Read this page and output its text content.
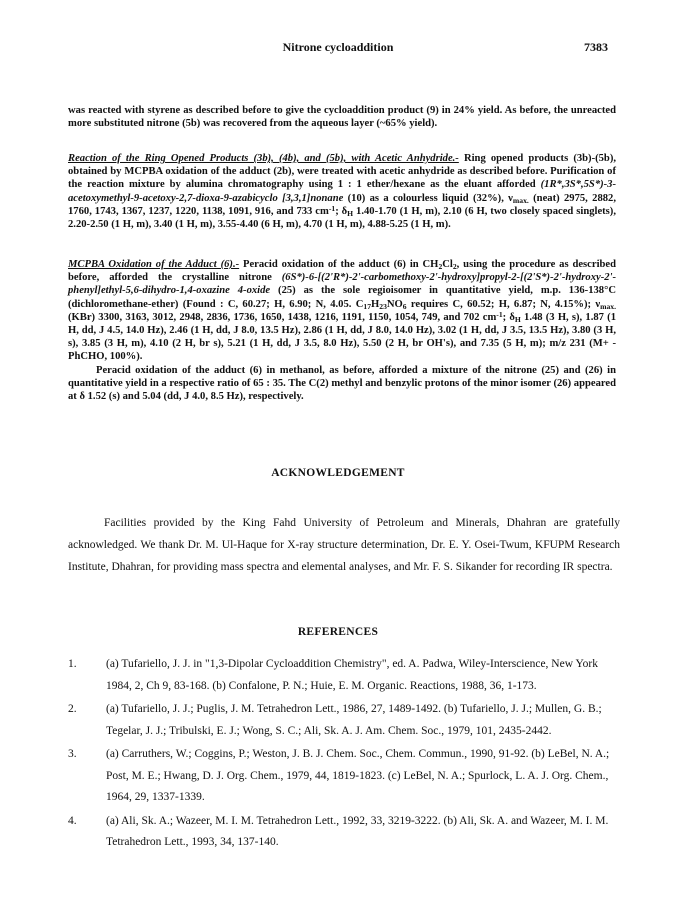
Nitrone cycloaddition	7383

was reacted with styrene as described before to give the cycloaddition product (9) in 24% yield. As before, the unreacted more substituted nitrone (5b) was recovered from the aqueous layer (~65% yield).

Reaction of the Ring Opened Products (3b), (4b), and (5b), with Acetic Anhydride.- Ring opened products (3b)-(5b), obtained by MCPBA oxidation of the adduct (2b), were treated with acetic anhydride as described before. Purification of the reaction mixture by alumina chromatography using 1 : 1 ether/hexane as the eluant afforded (1R*,3S*,5S*)-3-acetoxymethyl-9-acetoxy-2,7-dioxa-9-azabicyclo [3,3,1]nonane (10) as a colourless liquid (32%), $\nu_{max.}$ (neat) 2975, 2882, 1760, 1743, 1367, 1237, 1220, 1138, 1091, 916, and 733 $cm^{-1}$; $\delta_H$ 1.40-1.70 (1 H, m), 2.10 (6 H, two closely spaced singlets), 2.20-2.50 (1 H, m), 3.40 (1 H, m), 3.55-4.40 (6 H, m), 4.70 (1 H, m), 4.88-5.25 (1 H, m).

MCPBA Oxidation of the Adduct (6).- Peracid oxidation of the adduct (6) in $CH_2Cl_2$, using the procedure as described before, afforded the crystalline nitrone (6S*)-6-[(2'R*)-2'-carbomethoxy-2'-hydroxy]propyl-2-[(2'S*)-2'-hydroxy-2'-phenyl]ethyl-5,6-dihydro-1,4-oxazine 4-oxide (25) as the sole regioisomer in quantitative yield, m.p. 136-138°C (dichloromethane-ether) (Found : C, 60.27; H, 6.90; N, 4.05. $C_{17}H_{23}NO_6$ requires C, 60.52; H, 6.87; N, 4.15%); $\nu_{max.}$ (KBr) 3300, 3163, 3012, 2948, 2836, 1736, 1650, 1438, 1216, 1191, 1150, 1054, 749, and 702 $cm^{-1}$; $\delta_H$ 1.48 (3 H, s), 1.87 (1 H, dd, J 4.5, 14.0 Hz), 2.46 (1 H, dd, J 8.0, 13.5 Hz), 2.86 (1 H, dd, J 8.0, 14.0 Hz), 3.02 (1 H, dd, J 3.5, 13.5 Hz), 3.80 (3 H, s), 3.85 (3 H, m), 4.10 (2 H, br s), 5.21 (1 H, dd, J 3.5, 8.0 Hz), 5.50 (2 H, br OH's), and 7.35 (5 H, m); m/z 231 (M+ - PhCHO, 100%).

Peracid oxidation of the adduct (6) in methanol, as before, afforded a mixture of the nitrone (25) and (26) in quantitative yield in a respective ratio of 65 : 35. The C(2) methyl and benzylic protons of the minor isomer (26) appeared at δ 1.52 (s) and 5.04 (dd, J 4.0, 8.5 Hz), respectively.

ACKNOWLEDGEMENT
Facilities provided by the King Fahd University of Petroleum and Minerals, Dhahran are gratefully acknowledged. We thank Dr. M. Ul-Haque for X-ray structure determination, Dr. E. Y. Osei-Twum, KFUPM Research Institute, Dhahran, for providing mass spectra and elemental analyses, and Mr. F. S. Sikander for recording IR spectra.
REFERENCES
1.	(a) Tufariello, J. J. in "1,3-Dipolar Cycloaddition Chemistry", ed. A. Padwa, Wiley-Interscience, New York 1984, 2, Ch 9, 83-168. (b) Confalone, P. N.; Huie, E. M. Organic. Reactions, 1988, 36, 1-173.
2.	(a) Tufariello, J. J.; Puglis, J. M. Tetrahedron Lett., 1986, 27, 1489-1492. (b) Tufariello, J. J.; Mullen, G. B.; Tegelar, J. J.; Tribulski, E. J.; Wong, S. C.; Ali, Sk. A. J. Am. Chem. Soc., 1979, 101, 2435-2442.
3.	(a) Carruthers, W.; Coggins, P.; Weston, J. B. J. Chem. Soc., Chem. Commun., 1990, 91-92. (b) LeBel, N. A.; Post, M. E.; Hwang, D. J. Org. Chem., 1979, 44, 1819-1823. (c) LeBel, N. A.; Spurlock, L. A. J. Org. Chem., 1964, 29, 1337-1339.
4.	(a) Ali, Sk. A.; Wazeer, M. I. M. Tetrahedron Lett., 1992, 33, 3219-3222. (b) Ali, Sk. A. and Wazeer, M. I. M. Tetrahedron Lett., 1993, 34, 137-140.
